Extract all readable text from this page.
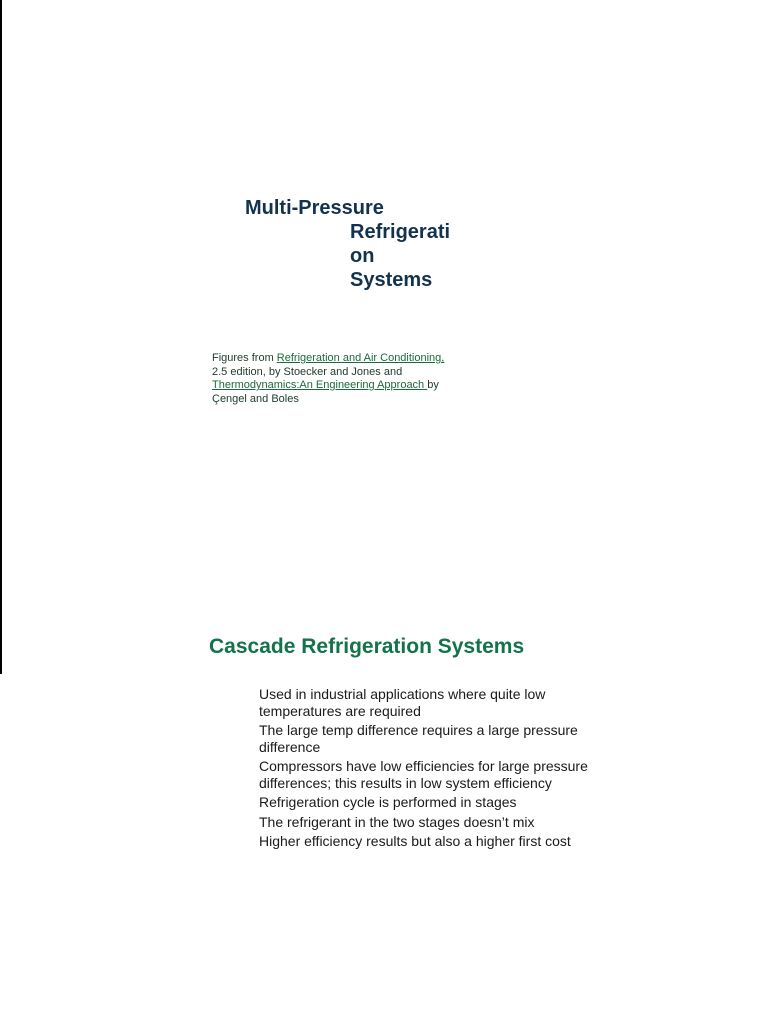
Multi-Pressure
Refrigerati
on
Systems
Figures from Refrigeration and Air Conditioning, 2.5 edition, by Stoecker and Jones and Thermodynamics:An Engineering Approach by Çengel and Boles
Cascade Refrigeration Systems
Used in industrial applications where quite low temperatures are required
The large temp difference requires a large pressure difference
Compressors have low efficiencies for large pressure differences; this results in low system efficiency
Refrigeration cycle is performed in stages
The refrigerant in the two stages doesn’t mix
Higher efficiency results but also a higher first cost
